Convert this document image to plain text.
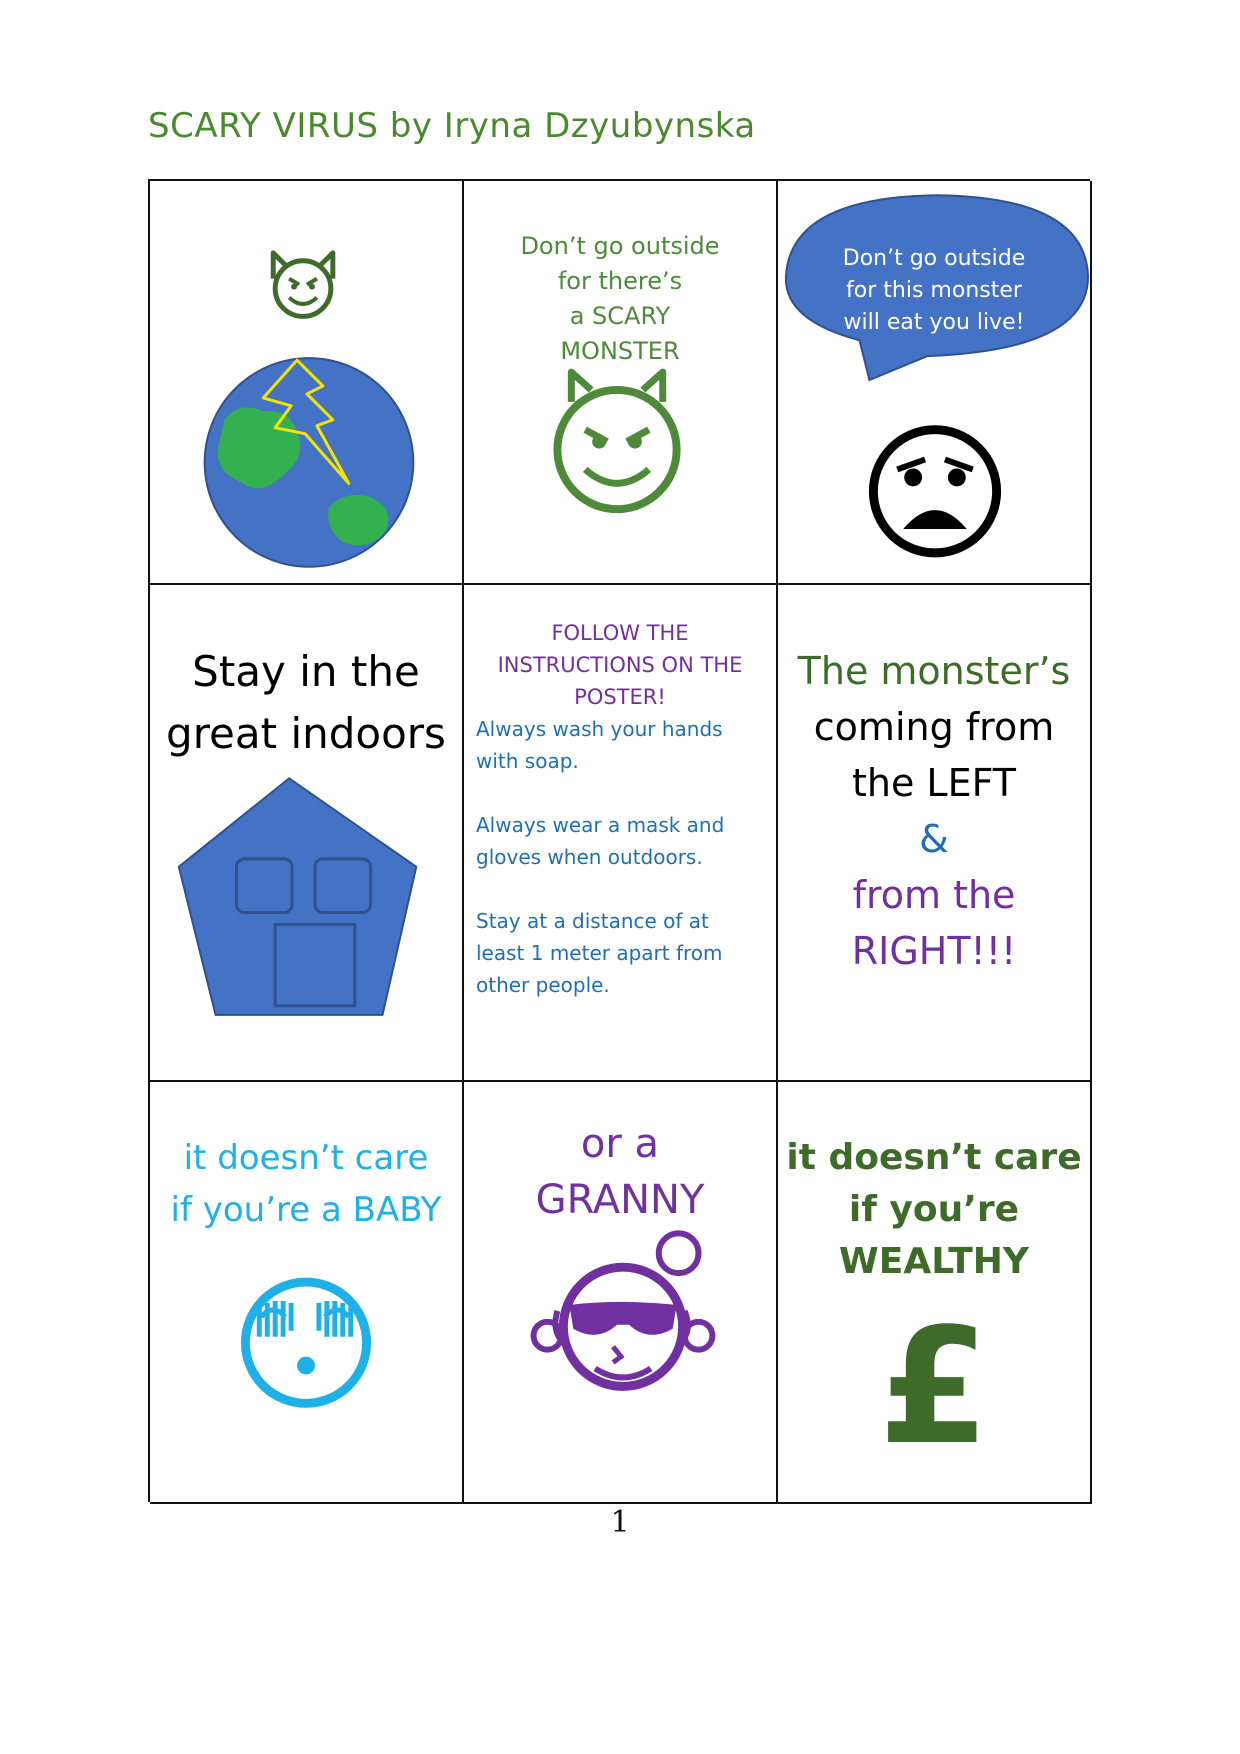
SCARY VIRUS by Iryna Dzyubynska
Don’t go outside
for there’s
a SCARY
MONSTER
Don’t go outside
for this monster
will eat you live!
Stay in the
great indoors
FOLLOW THE
INSTRUCTIONS ON THE
POSTER!
Always wash your hands
with soap.
Always wear a mask and
gloves when outdoors.
Stay at a distance of at
least 1 meter apart from
other people.
The monster’s
coming from
the LEFT
&
from the
RIGHT!!!
it doesn’t care
if you’re a BABY
or a
GRANNY
it doesn’t care
if you’re
WEALTHY
£
1
